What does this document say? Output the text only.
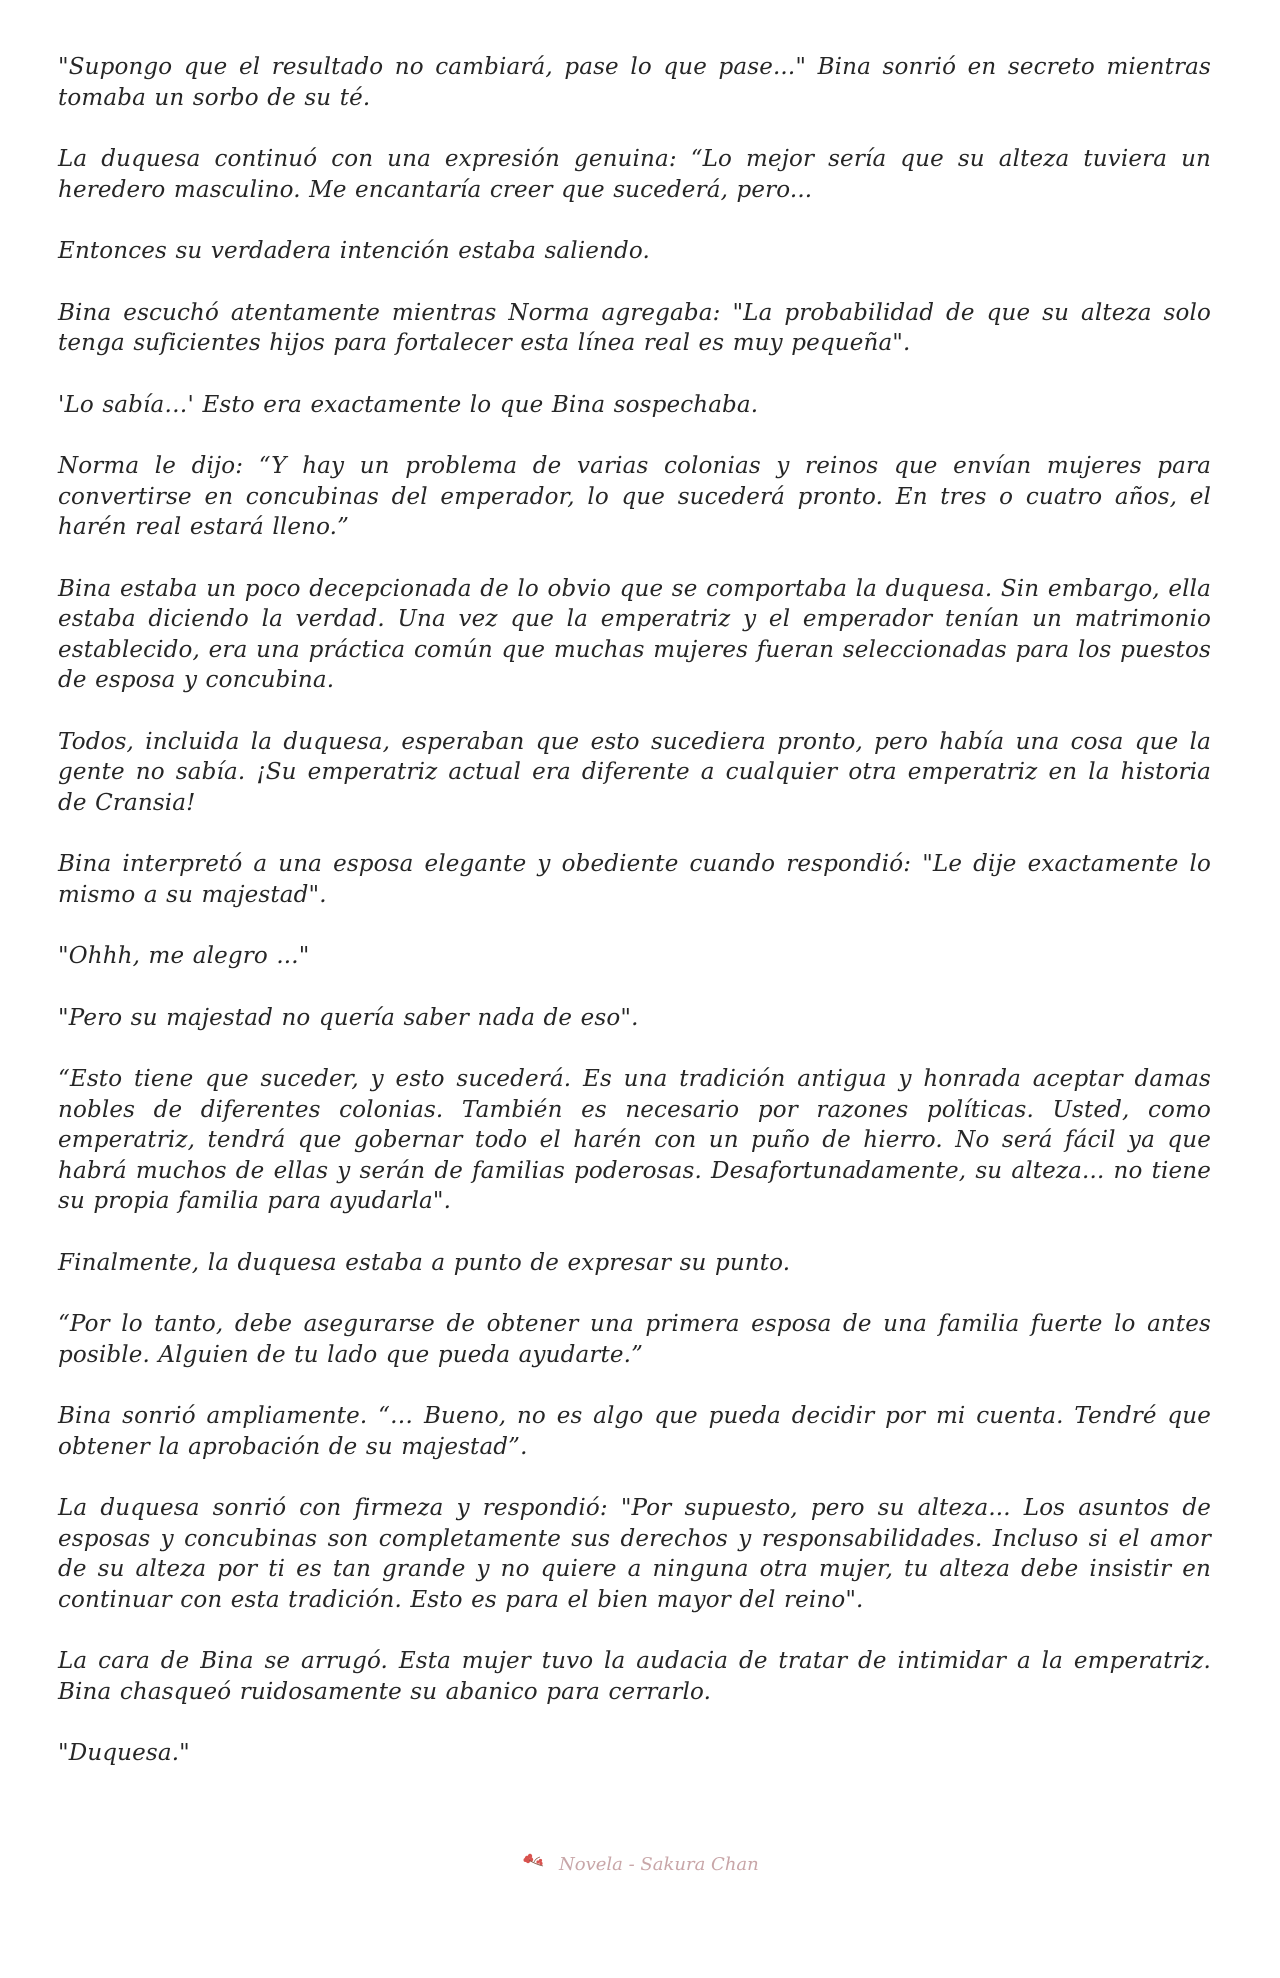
"Supongo que el resultado no cambiará, pase lo que pase..." Bina sonrió en secreto mientras tomaba un sorbo de su té.

La duquesa continuó con una expresión genuina: “Lo mejor sería que su alteza tuviera un heredero masculino. Me encantaría creer que sucederá, pero...

Entonces su verdadera intención estaba saliendo.

Bina escuchó atentamente mientras Norma agregaba: "La probabilidad de que su alteza solo tenga suficientes hijos para fortalecer esta línea real es muy pequeña".

'Lo sabía…' Esto era exactamente lo que Bina sospechaba.

Norma le dijo: “Y hay un problema de varias colonias y reinos que envían mujeres para convertirse en concubinas del emperador, lo que sucederá pronto. En tres o cuatro años, el harén real estará lleno.”

Bina estaba un poco decepcionada de lo obvio que se comportaba la duquesa. Sin embargo, ella estaba diciendo la verdad. Una vez que la emperatriz y el emperador tenían un matrimonio establecido, era una práctica común que muchas mujeres fueran seleccionadas para los puestos de esposa y concubina.

Todos, incluida la duquesa, esperaban que esto sucediera pronto, pero había una cosa que la gente no sabía. ¡Su emperatriz actual era diferente a cualquier otra emperatriz en la historia de Cransia!

Bina interpretó a una esposa elegante y obediente cuando respondió: "Le dije exactamente lo mismo a su majestad".

"Ohhh, me alegro ..."

"Pero su majestad no quería saber nada de eso".

“Esto tiene que suceder, y esto sucederá. Es una tradición antigua y honrada aceptar damas nobles de diferentes colonias. También es necesario por razones políticas. Usted, como emperatriz, tendrá que gobernar todo el harén con un puño de hierro. No será fácil ya que habrá muchos de ellas y serán de familias poderosas. Desafortunadamente, su alteza... no tiene su propia familia para ayudarla".

Finalmente, la duquesa estaba a punto de expresar su punto.

“Por lo tanto, debe asegurarse de obtener una primera esposa de una familia fuerte lo antes posible. Alguien de tu lado que pueda ayudarte.”

Bina sonrió ampliamente. “… Bueno, no es algo que pueda decidir por mi cuenta. Tendré que obtener la aprobación de su majestad”.

La duquesa sonrió con firmeza y respondió: "Por supuesto, pero su alteza... Los asuntos de esposas y concubinas son completamente sus derechos y responsabilidades. Incluso si el amor de su alteza por ti es tan grande y no quiere a ninguna otra mujer, tu alteza debe insistir en continuar con esta tradición. Esto es para el bien mayor del reino".

La cara de Bina se arrugó. Esta mujer tuvo la audacia de tratar de intimidar a la emperatriz. Bina chasqueó ruidosamente su abanico para cerrarlo.

"Duquesa."

Novela - Sakura Chan
